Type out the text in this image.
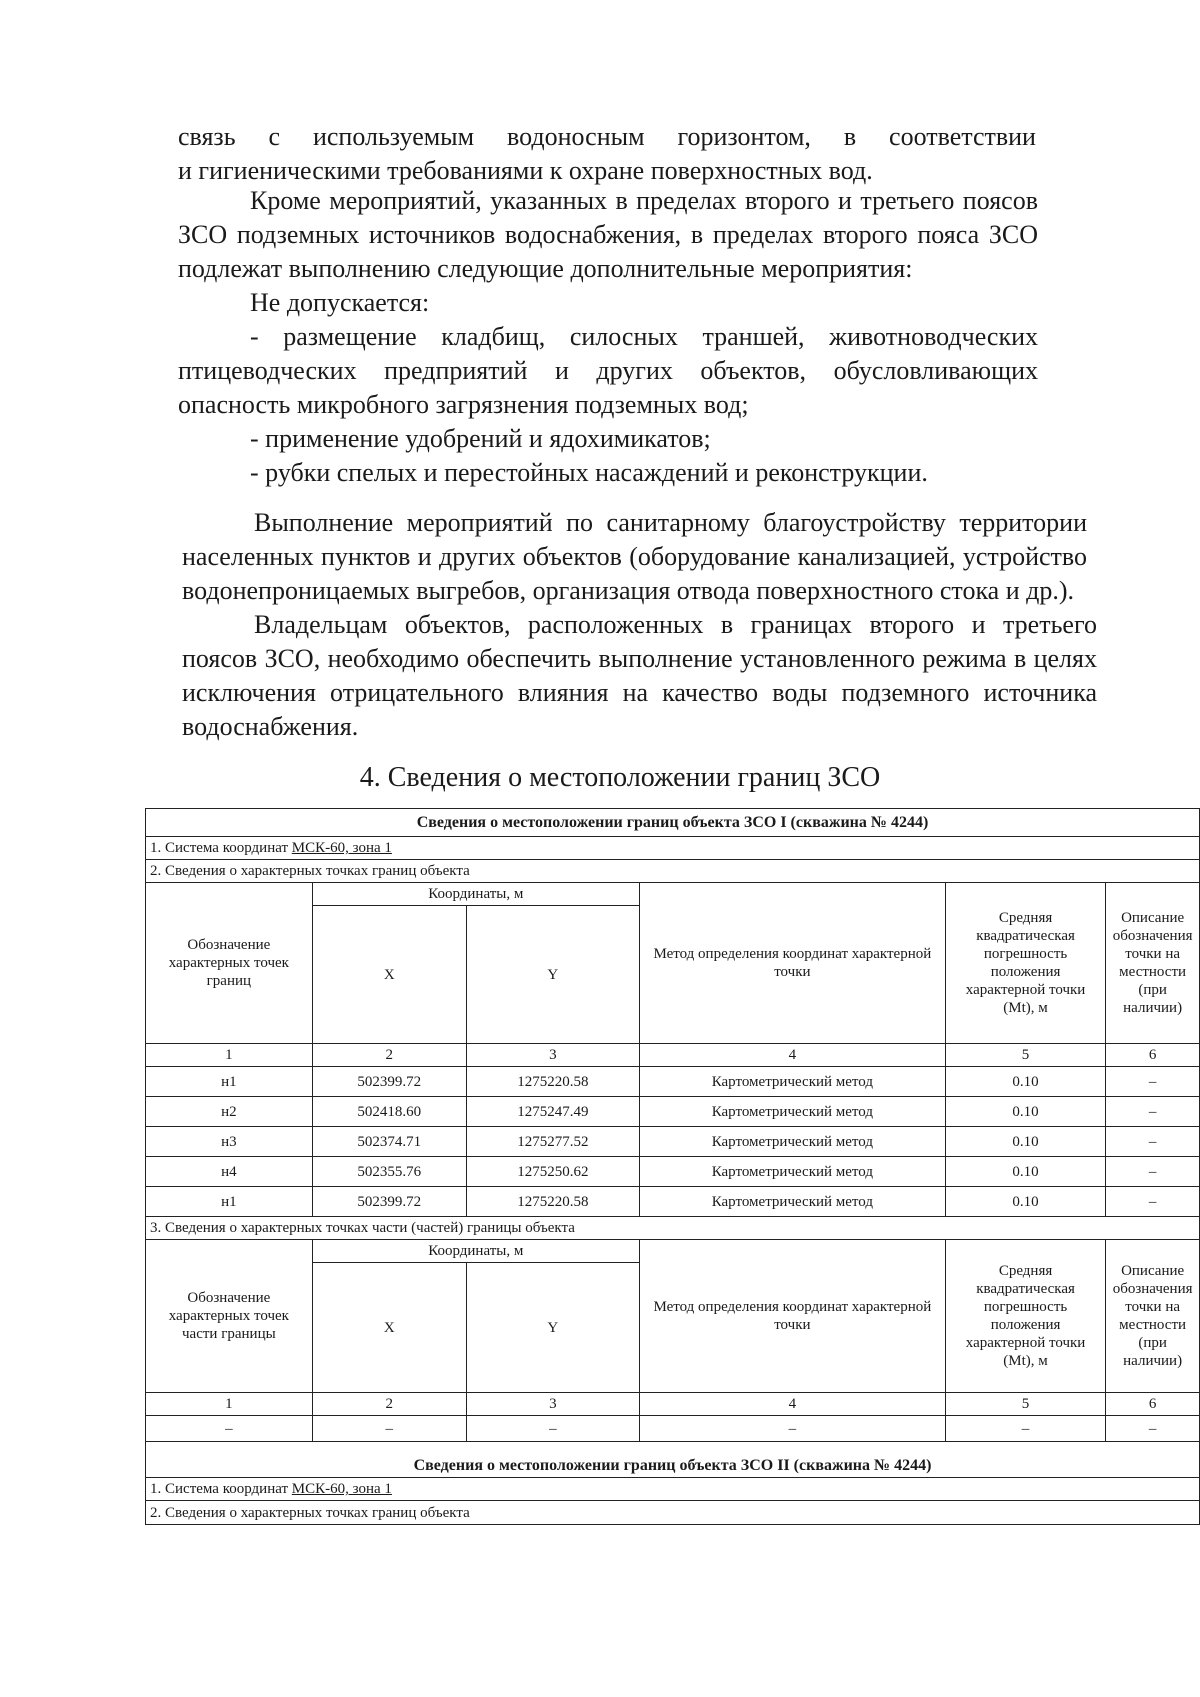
связь с используемым водоносным горизонтом, в соответствии

и гигиеническими требованиями к охране поверхностных вод.

Кроме мероприятий, указанных в пределах второго и третьего поясов ЗСО подземных источников водоснабжения, в пределах второго пояса ЗСО подлежат выполнению следующие дополнительные мероприятия:

Не допускается:

- размещение кладбищ, силосных траншей, животноводческих птицеводческих предприятий и других объектов, обусловливающих опасность микробного загрязнения подземных вод;

- применение удобрений и ядохимикатов;

- рубки спелых и перестойных насаждений и реконструкции.

Выполнение мероприятий по санитарному благоустройству территории населенных пунктов и других объектов (оборудование канализацией, устройство водонепроницаемых выгребов, организация отвода поверхностного стока и др.).

Владельцам объектов, расположенных в границах второго и третьего поясов ЗСО, необходимо обеспечить выполнение установленного режима в целях исключения отрицательного влияния на качество воды подземного источника водоснабжения.

4. Сведения о местоположении границ ЗСО
Сведения о местоположении границ объекта ЗСО I (скважина № 4244)					
1. Система координат МСК-60, зона 1					
2. Сведения о характерных точках границ объекта					
Обозначение характерных точек границ	Координаты, м		Метод определения координат характерной точки	Средняя квадратическая погрешность положения характерной точки (Mt), м	Описание обозначения точки на местности (при наличии)
	X	Y			
1	2	3	4	5	6
н1	502399.72	1275220.58	Картометрический метод	0.10	–
н2	502418.60	1275247.49	Картометрический метод	0.10	–
н3	502374.71	1275277.52	Картометрический метод	0.10	–
н4	502355.76	1275250.62	Картометрический метод	0.10	–
н1	502399.72	1275220.58	Картометрический метод	0.10	–
3. Сведения о характерных точках части (частей) границы объекта					
Обозначение характерных точек части границы	Координаты, м		Метод определения координат характерной точки	Средняя квадратическая погрешность положения характерной точки (Mt), м	Описание обозначения точки на местности (при наличии)
	X	Y			
1	2	3	4	5	6
–	–	–	–	–	–
Сведения о местоположении границ объекта ЗСО II (скважина № 4244)					
1. Система координат МСК-60, зона 1					
2. Сведения о характерных точках границ объекта					
